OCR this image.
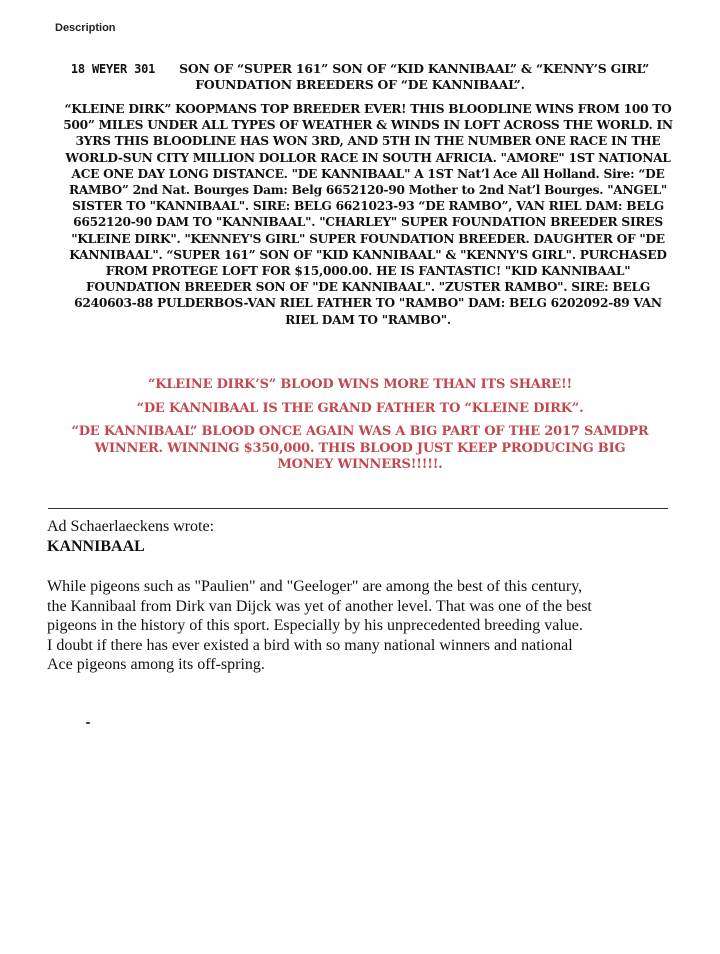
Description
18 WEYER 301 SON OF “SUPER 161” SON OF “KID KANNIBAAL” & “KENNY’S GIRL” FOUNDATION BREEDERS OF “DE KANNIBAAL”.

“KLEINE DIRK” KOOPMANS TOP BREEDER EVER! THIS BLOODLINE WINS FROM 100 TO 500” MILES UNDER ALL TYPES OF WEATHER & WINDS IN LOFT ACROSS THE WORLD. IN 3YRS THIS BLOODLINE HAS WON 3RD, AND 5TH IN THE NUMBER ONE RACE IN THE WORLD-SUN CITY MILLION DOLLOR RACE IN SOUTH AFRICIA. "AMORE" 1ST NATIONAL ACE ONE DAY LONG DISTANCE. "DE KANNIBAAL" A 1ST Nat’l Ace All Holland. Sire: “DE RAMBO” 2nd Nat. Bourges Dam: Belg 6652120-90 Mother to 2nd Nat’l Bourges. "ANGEL" SISTER TO "KANNIBAAL". SIRE: BELG 6621023-93 “DE RAMBO”, VAN RIEL DAM: BELG 6652120-90 DAM TO "KANNIBAAL". "CHARLEY" SUPER FOUNDATION BREEDER SIRES "KLEINE DIRK". "KENNEY'S GIRL" SUPER FOUNDATION BREEDER. DAUGHTER OF "DE KANNIBAAL". “SUPER 161” SON OF "KID KANNIBAAL" & "KENNY'S GIRL". PURCHASED FROM PROTEGE LOFT FOR $15,000.00. HE IS FANTASTIC! "KID KANNIBAAL" FOUNDATION BREEDER SON OF "DE KANNIBAAL". "ZUSTER RAMBO". SIRE: BELG 6240603-88 PULDERBOS-VAN RIEL FATHER TO "RAMBO" DAM: BELG 6202092-89 VAN RIEL DAM TO "RAMBO".

“KLEINE DIRK’S” BLOOD WINS MORE THAN ITS SHARE!!

“DE KANNIBAAL IS THE GRAND FATHER TO “KLEINE DIRK”.

“DE KANNIBAAL” BLOOD ONCE AGAIN WAS A BIG PART OF THE 2017 SAMDPR WINNER. WINNING $350,000. THIS BLOOD JUST KEEP PRODUCING BIG MONEY WINNERS!!!!!.

Ad Schaerlaeckens wrote:
KANNIBAAL

While pigeons such as "Paulien" and "Geeloger" are among the best of this century,
the Kannibaal from Dirk van Dijck was yet of another level. That was one of the best
pigeons in the history of this sport. Especially by his unprecedented breeding value.
I doubt if there has ever existed a bird with so many national winners and national
Ace pigeons among its off-spring.
